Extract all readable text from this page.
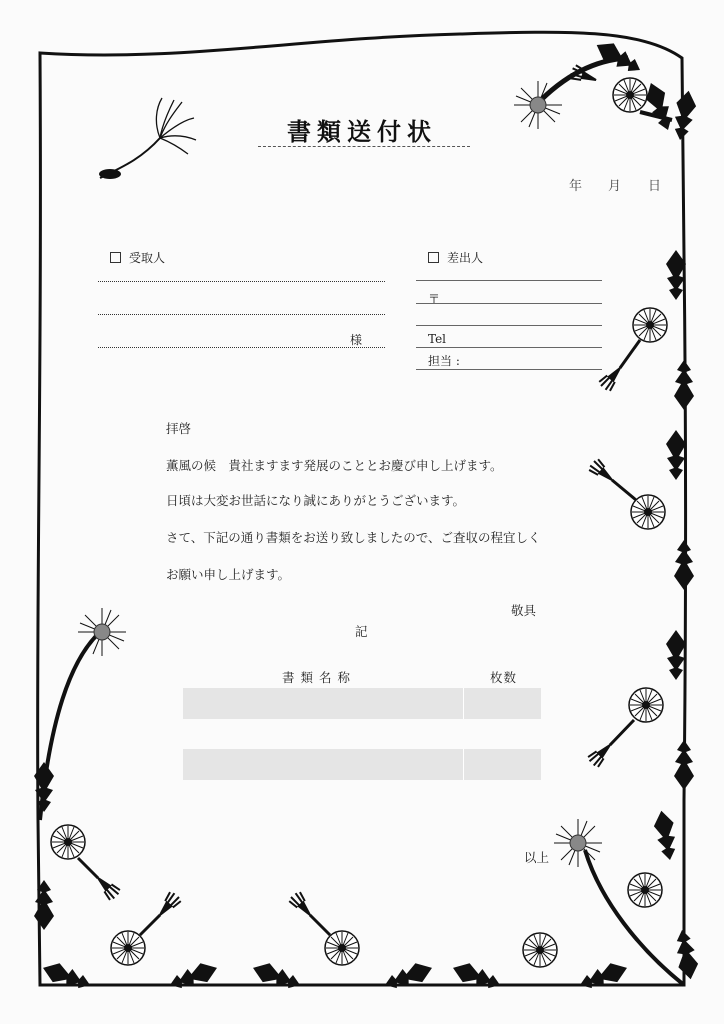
書類送付状
年 月 日
受取人
様
差出人
〒
Tel
担当 :
拝啓
薫風の候　貴社ますます発展のこととお慶び申し上げます。
日頃は大変お世話になり誠にありがとうございます。
さて、下記の通り書類をお送り致しましたので、ご査収の程宜しく
お願い申し上げます。
敬具
記
書類名称	枚数
以上
